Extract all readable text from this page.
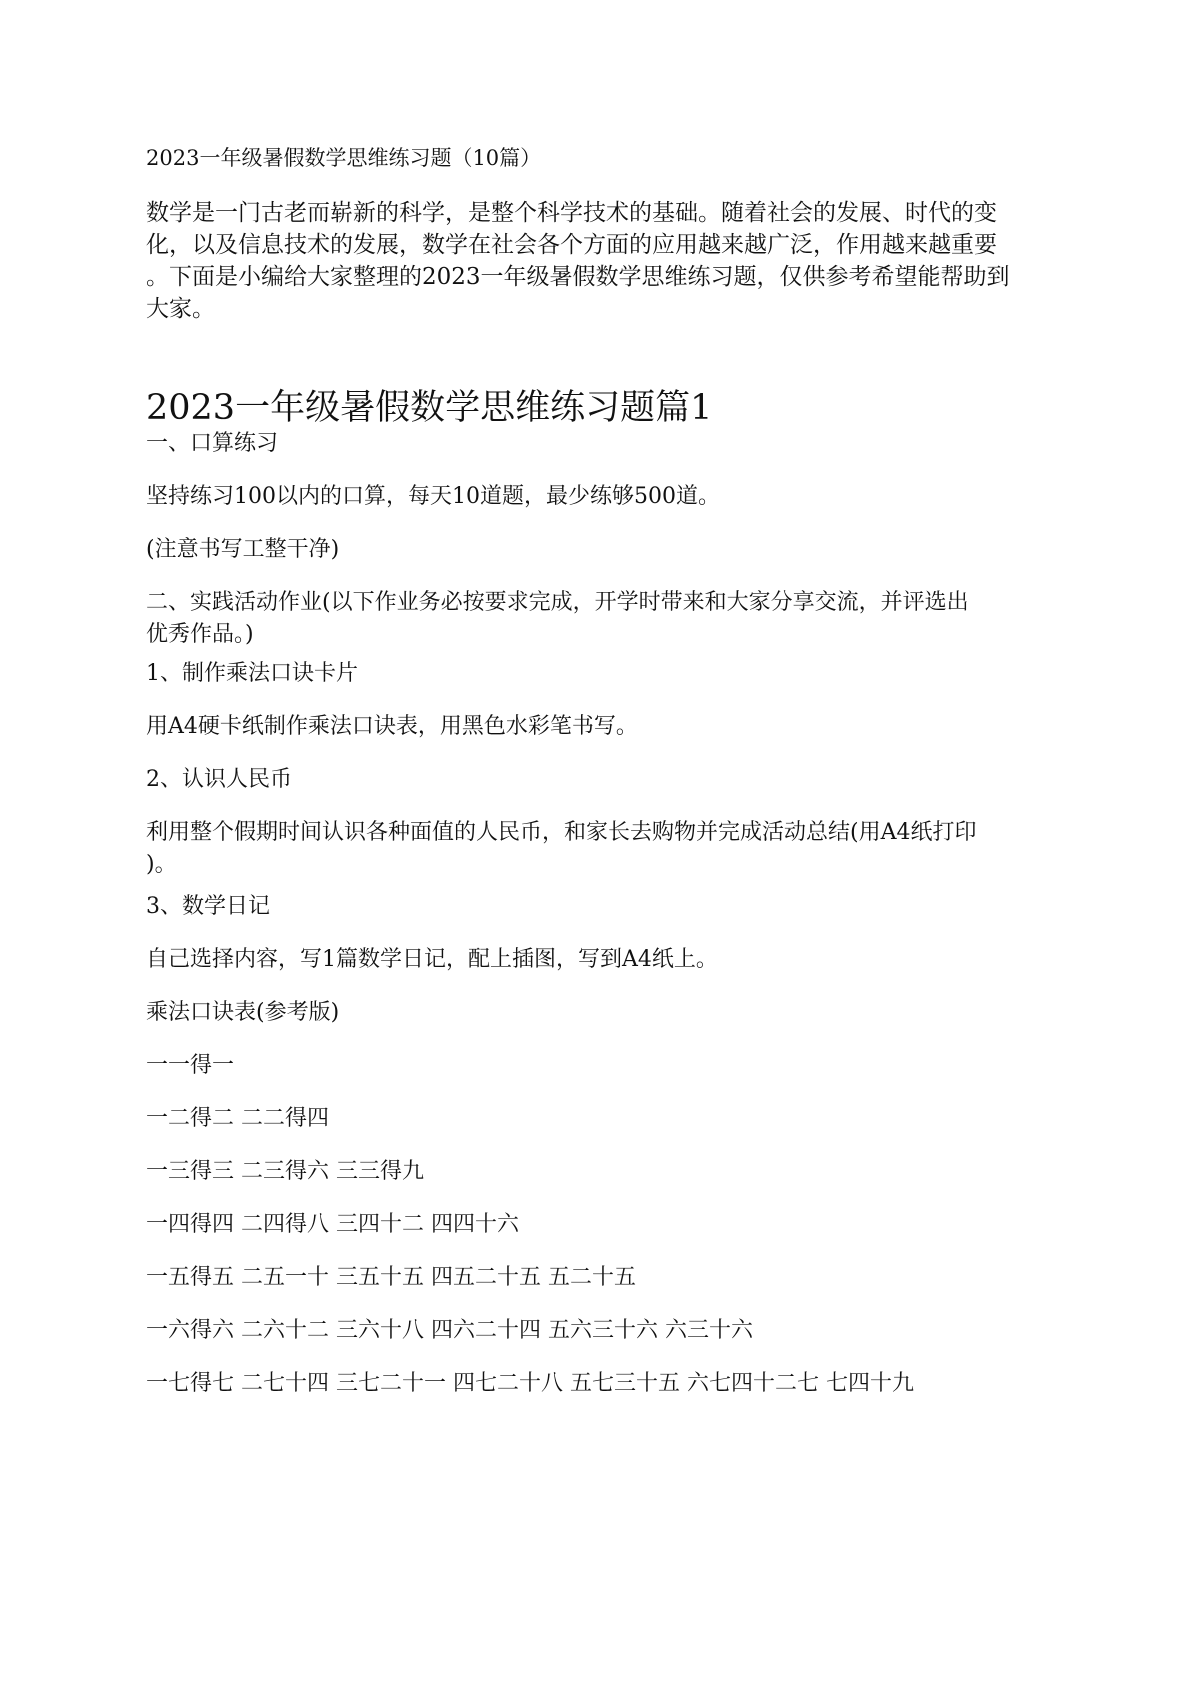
2023一年级暑假数学思维练习题（10篇）

数学是一门古老而崭新的科学，是整个科学技术的基础。随着社会的发展、时代的变
化，以及信息技术的发展，数学在社会各个方面的应用越来越广泛，作用越来越重要
。下面是小编给大家整理的2023一年级暑假数学思维练习题，仅供参考希望能帮助到
大家。

2023一年级暑假数学思维练习题篇1

一、口算练习

坚持练习100以内的口算，每天10道题，最少练够500道。

(注意书写工整干净)

二、实践活动作业(以下作业务必按要求完成，开学时带来和大家分享交流，并评选出

优秀作品。)

1、制作乘法口诀卡片

用A4硬卡纸制作乘法口诀表，用黑色水彩笔书写。

2、认识人民币

利用整个假期时间认识各种面值的人民币，和家长去购物并完成活动总结(用A4纸打印

)。

3、数学日记

自己选择内容，写1篇数学日记，配上插图，写到A4纸上。

乘法口诀表(参考版)

一一得一

一二得二 二二得四

一三得三 二三得六 三三得九

一四得四 二四得八 三四十二 四四十六

一五得五 二五一十 三五十五 四五二十五 五二十五

一六得六 二六十二 三六十八 四六二十四 五六三十六 六三十六

一七得七 二七十四 三七二十一 四七二十八 五七三十五 六七四十二七 七四十九
